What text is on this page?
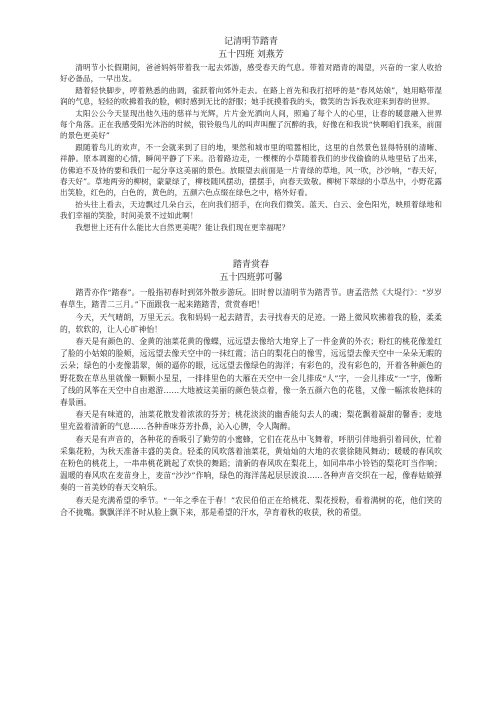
记清明节踏青
五十四班 刘燕芳

清明节小长假期间，爸爸妈妈带着我一起去郊游，感受春天的气息。带着对踏青的渴望，兴奋的一家人收拾好必备品，一早出发。

踏着轻快脚步，哼着熟悉的曲调，雀跃着向郊外走去。在路上首先和我打招呼的是“春风姑娘”，她用略带湿润的气息，轻轻的吹拂着我的脸，顿时感到无比的舒服；她手抚摸着我的头，微笑的告诉我欢迎来到春的世界。

太阳公公今天显现出他久违的慈祥与光辉，片片金光洒向人间，照遍了每个人的心里，让春的暖意融入世界每个角落。正在我感受阳光沐浴的时候，银铃般鸟儿的叫声叫醒了沉醉的我，好像在和我说“快啊咱们我来，前面的景色更美好”

跟随着鸟儿的欢声，不一会就来到了目的地，果然和城市里的喧嚣相比，这里的自然景色显得特别的清晰、祥静。原本凋谢的心情，瞬间平静了下来。沿着路边走，一棵棵的小草随着我们的步伐偷偷的从地里钻了出来，仿佛迫不及待的要和我们一起分享这美丽的景色。放眼望去前面是一片青绿的草地，风一吹，沙沙响，“春天好，春天好”。草地两旁的柳树，蒙蒙绿了，柳枝随风摆动，摆摆手，向春天致敬。柳树下翠绿的小草丛中，小野花露出笑脸，红色的，白色的，黄色的，五颜六色点缀在绿色之中，格外好看。

抬头往上看去，天边飘过几朵白云，在向我们招手，在向我们微笑。蓝天、白云、金色阳光，映照着绿地和我们幸福的笑脸，时间美景不过如此啊！

我想世上还有什么能比大自然更美呢？能让我们现在更幸福呢？

踏青赏春
五十四班郭可馨

踏青亦作“踏春”。一般指初春时到郊外散步游玩。旧时曾以清明节为踏青节。唐孟浩然《大堤行》：“岁岁春草生，踏青二三月。”下面跟我一起来踏踏青，赏赏春吧！

今天，天气晴朗，万里无云。我和妈妈一起去踏青，去寻找春天的足迹。一路上微风吹拂着我的脸，柔柔的，软软的，让人心旷神怡！

春天是有颜色的、金黄的油菜花黄的像蝶，远远望去像给大地穿上了一件金黄的外衣；粉红的桃花像羞红了脸的小姑娘的脸颊，远远望去像天空中的一抹红霞；洁白的梨花白的像雪，远远望去像天空中一朵朵无暇的云朵；绿色的小麦像翡翠，倾的逼你的眼，远远望去像绿色的海洋；有彩色的，没有彩色的，开着各种颜色的野花数在草丛里就像一颗颗小星星，一排排里色的大雁在天空中一会儿排成“人”字，一会儿排成“一”字，像断了线的风筝在天空中自由遨游……大地被这美丽的颜色装点着，像一条五颜六色的花毯，又像一幅浓妆艳抹的春景画。

春天是有味道的，油菜花散发着浓浓的芬芳；桃花淡淡的幽香能勾去人的魂；梨花飘着凝甜的馨香；麦地里充盈着清新的气息……各种香味芬芳扑鼻，沁入心脾，令人陶醉。

春天是有声音的，各种花的香吸引了勤劳的小蜜蜂，它们在花丛中飞舞着，呼朋引伴地捐引着同伙，忙着采集花粉，为秋天准备丰盛的美食。轻柔的风吹落着油菜花，黄灿灿的大地的衣裳徐随风舞动；暖暖的春风吹在粉色的桃花上，一串串桃花跳起了欢快的舞蹈；清新的春风吹在梨花上，如同串串小铃铛的梨花叮当作响；温暖的春风吹在麦苗身上，麦苗“沙沙”作响，绿色的海洋荡起层层波浪……各种声音交织在一起，像春姑娘弹奏的一首美妙的春天交响乐。

春天是充满希望的季节。“一年之季在于春！”农民伯伯正在给桃花、梨花授粉，看着满树的花，他们笑的合不拢嘴。飘飘洋洋不时从脸上飘下来，那是希望的汗水，孕育着秋的收获，秋的希望。
